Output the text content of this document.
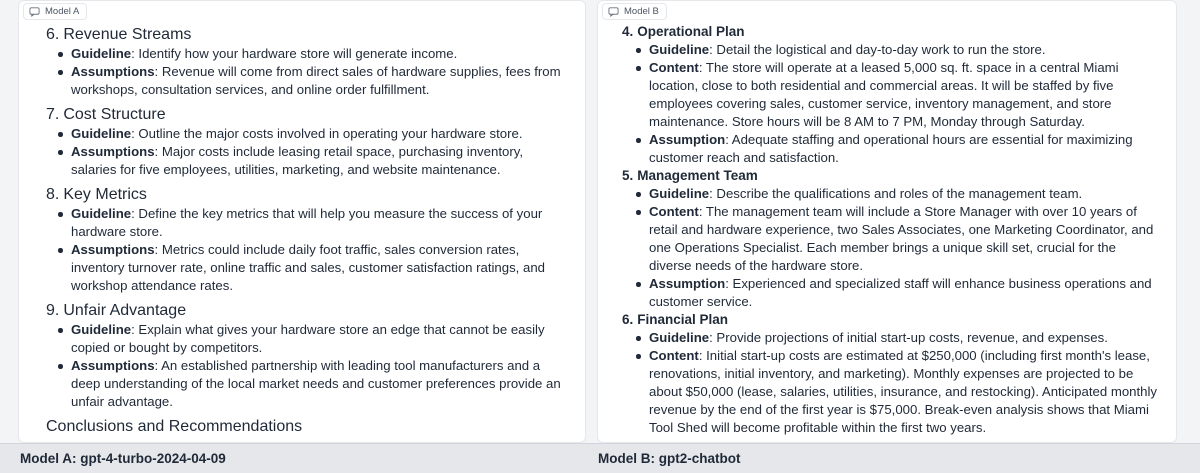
Model A
6. Revenue Streams
Guideline: Identify how your hardware store will generate income.
Assumptions: Revenue will come from direct sales of hardware supplies, fees from workshops, consultation services, and online order fulfillment.
7. Cost Structure
Guideline: Outline the major costs involved in operating your hardware store.
Assumptions: Major costs include leasing retail space, purchasing inventory, salaries for five employees, utilities, marketing, and website maintenance.
8. Key Metrics
Guideline: Define the key metrics that will help you measure the success of your hardware store.
Assumptions: Metrics could include daily foot traffic, sales conversion rates, inventory turnover rate, online traffic and sales, customer satisfaction ratings, and workshop attendance rates.
9. Unfair Advantage
Guideline: Explain what gives your hardware store an edge that cannot be easily copied or bought by competitors.
Assumptions: An established partnership with leading tool manufacturers and a deep understanding of the local market needs and customer preferences provide an unfair advantage.
Conclusions and Recommendations
Model B
4. Operational Plan
Guideline: Detail the logistical and day-to-day work to run the store.
Content: The store will operate at a leased 5,000 sq. ft. space in a central Miami location, close to both residential and commercial areas. It will be staffed by five employees covering sales, customer service, inventory management, and store maintenance. Store hours will be 8 AM to 7 PM, Monday through Saturday.
Assumption: Adequate staffing and operational hours are essential for maximizing customer reach and satisfaction.
5. Management Team
Guideline: Describe the qualifications and roles of the management team.
Content: The management team will include a Store Manager with over 10 years of retail and hardware experience, two Sales Associates, one Marketing Coordinator, and one Operations Specialist. Each member brings a unique skill set, crucial for the diverse needs of the hardware store.
Assumption: Experienced and specialized staff will enhance business operations and customer service.
6. Financial Plan
Guideline: Provide projections of initial start-up costs, revenue, and expenses.
Content: Initial start-up costs are estimated at $250,000 (including first month's lease, renovations, initial inventory, and marketing). Monthly expenses are projected to be about $50,000 (lease, salaries, utilities, insurance, and restocking). Anticipated monthly revenue by the end of the first year is $75,000. Break-even analysis shows that Miami Tool Shed will become profitable within the first two years.
Model A: gpt-4-turbo-2024-04-09	Model B: gpt2-chatbot
